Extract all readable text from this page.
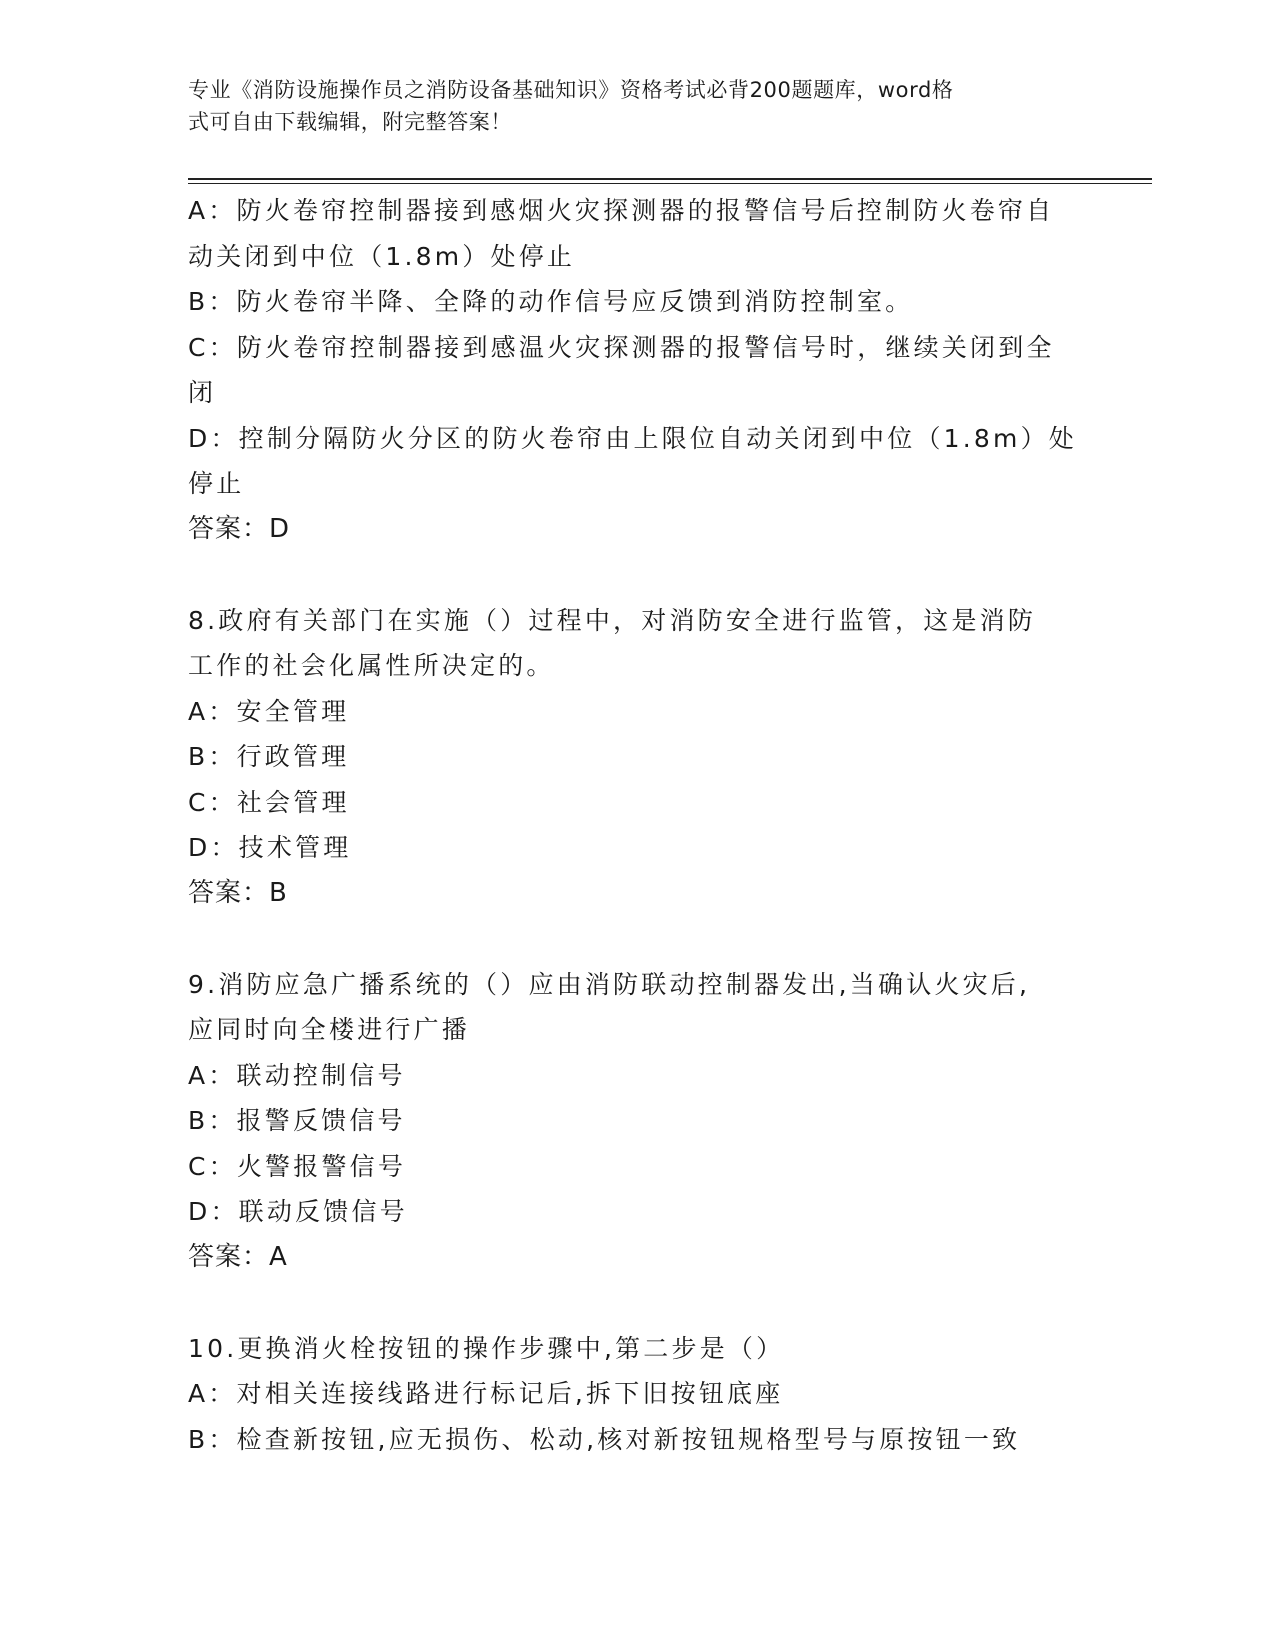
专业《消防设施操作员之消防设备基础知识》资格考试必背200题题库，word格
式可自由下载编辑，附完整答案！
A：防火卷帘控制器接到感烟火灾探测器的报警信号后控制防火卷帘自
动关闭到中位（1.8m）处停止
B：防火卷帘半降、全降的动作信号应反馈到消防控制室。
C：防火卷帘控制器接到感温火灾探测器的报警信号时，继续关闭到全
闭
D：控制分隔防火分区的防火卷帘由上限位自动关闭到中位（1.8m）处
停止
答案：D
8.政府有关部门在实施（）过程中，对消防安全进行监管，这是消防
工作的社会化属性所决定的。
A：安全管理
B：行政管理
C：社会管理
D：技术管理
答案：B
9.消防应急广播系统的（）应由消防联动控制器发出,当确认火灾后,
应同时向全楼进行广播
A：联动控制信号
B：报警反馈信号
C：火警报警信号
D：联动反馈信号
答案：A
10.更换消火栓按钮的操作步骤中,第二步是（）
A：对相关连接线路进行标记后,拆下旧按钮底座
B：检查新按钮,应无损伤、松动,核对新按钮规格型号与原按钮一致
